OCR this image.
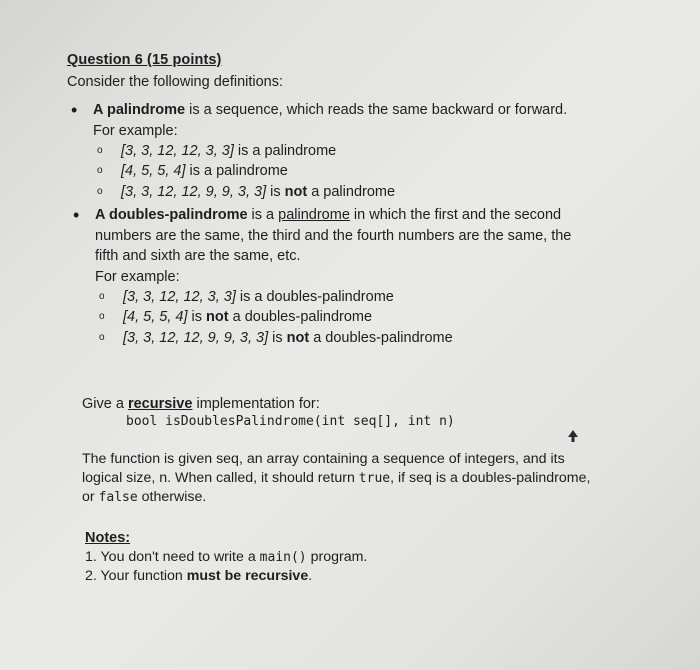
Question 6 (15 points)
Consider the following definitions:
• A palindrome is a sequence, which reads the same backward or forward.
For example:
o [3, 3, 12, 12, 3, 3] is a palindrome
o [4, 5, 5, 4] is a palindrome
o [3, 3, 12, 12, 9, 9, 3, 3] is not a palindrome
• A doubles-palindrome is a palindrome in which the first and the second
numbers are the same, the third and the fourth numbers are the same, the
fifth and sixth are the same, etc.
For example:
o [3, 3, 12, 12, 3, 3] is a doubles-palindrome
o [4, 5, 5, 4] is not a doubles-palindrome
o [3, 3, 12, 12, 9, 9, 3, 3] is not a doubles-palindrome
Give a recursive implementation for:
bool isDoublesPalindrome(int seq[], int n)
The function is given seq, an array containing a sequence of integers, and its
logical size, n. When called, it should return true, if seq is a doubles-palindrome,
or false otherwise.
Notes:
1. You don't need to write a main() program.
2. Your function must be recursive.
